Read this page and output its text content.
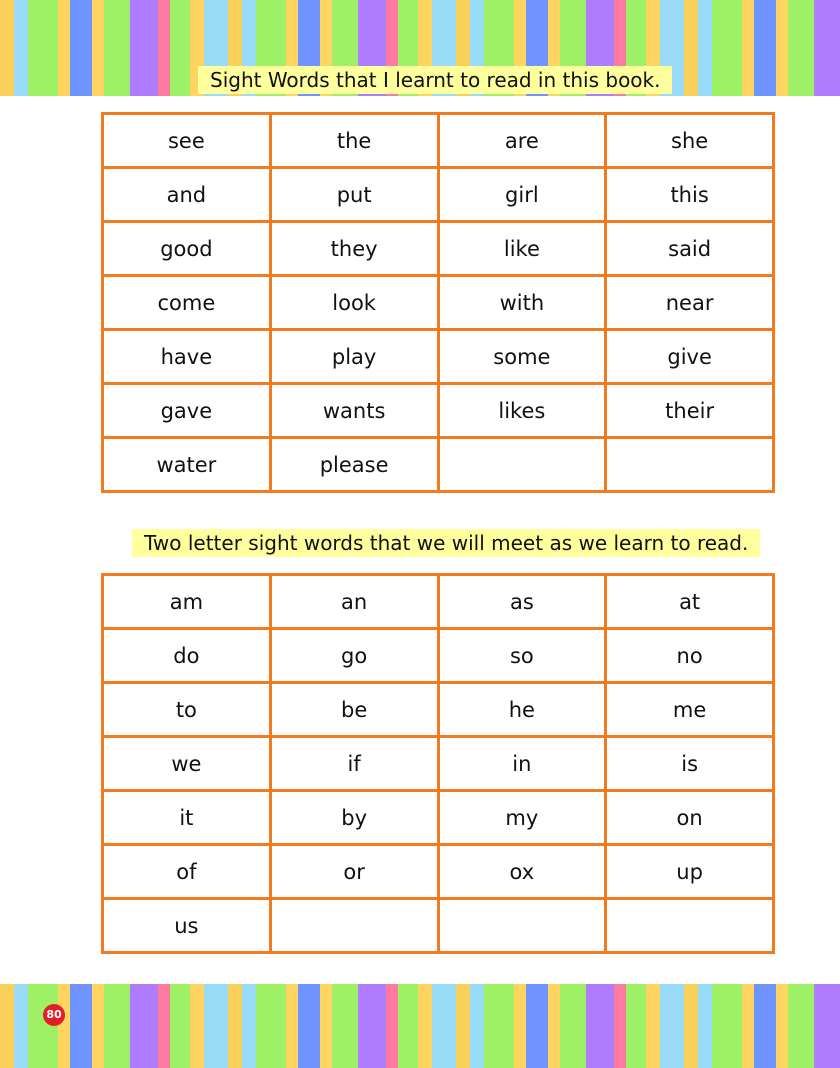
Sight Words that I learnt to read in this book.
see	the	are	she
and	put	girl	this
good	they	like	said
come	look	with	near
have	play	some	give
gave	wants	likes	their
water	please		
Two letter sight words that we will meet as we learn to read.
am	an	as	at
do	go	so	no
to	be	he	me
we	if	in	is
it	by	my	on
of	or	ox	up
us			
80
